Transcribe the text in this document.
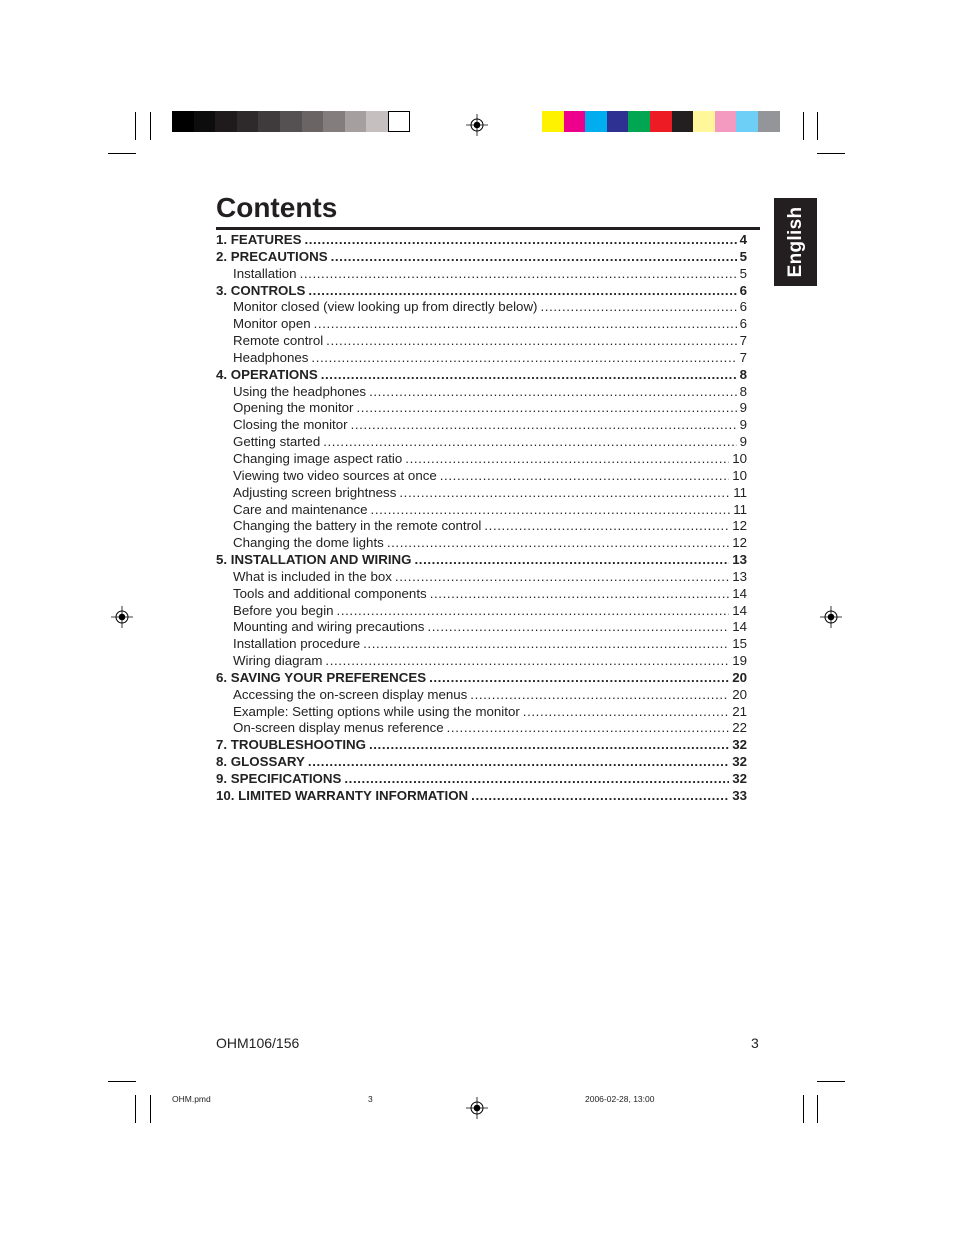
English
Contents
1. FEATURES .....	4
2. PRECAUTIONS .....	5
Installation .....	5
3. CONTROLS .....	6
Monitor closed (view looking up from directly below) .....	6
Monitor open .....	6
Remote control .....	7
Headphones .....	7
4. OPERATIONS .....	8
Using the headphones .....	8
Opening the monitor .....	9
Closing the monitor .....	9
Getting started .....	9
Changing image aspect ratio .....	10
Viewing two video sources at once .....	10
Adjusting screen brightness .....	11
Care and maintenance .....	11
Changing the battery in the remote control .....	12
Changing the dome lights .....	12
5. INSTALLATION AND WIRING .....	13
What is included in the box .....	13
Tools and additional components .....	14
Before you begin .....	14
Mounting and wiring precautions .....	14
Installation procedure .....	15
Wiring diagram .....	19
6. SAVING YOUR PREFERENCES .....	20
Accessing the on-screen display menus .....	20
Example: Setting options while using the monitor .....	21
On-screen display menus reference .....	22
7. TROUBLESHOOTING .....	32
8. GLOSSARY .....	32
9. SPECIFICATIONS .....	32
10. LIMITED WARRANTY INFORMATION .....	33
OHM106/156	3
OHM.pmd	3	2006-02-28, 13:00
